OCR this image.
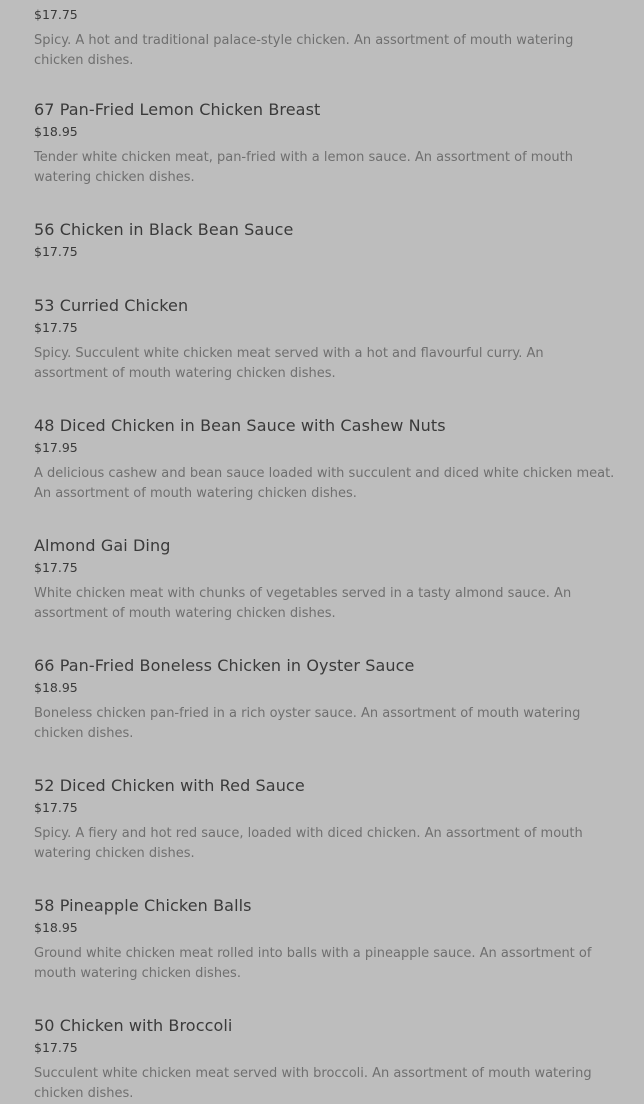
$17.75
Spicy. A hot and traditional palace-style chicken. An assortment of mouth watering chicken dishes.
67 Pan-Fried Lemon Chicken Breast
$18.95
Tender white chicken meat, pan-fried with a lemon sauce. An assortment of mouth watering chicken dishes.
56 Chicken in Black Bean Sauce
$17.75
53 Curried Chicken
$17.75
Spicy. Succulent white chicken meat served with a hot and flavourful curry. An assortment of mouth watering chicken dishes.
48 Diced Chicken in Bean Sauce with Cashew Nuts
$17.95
A delicious cashew and bean sauce loaded with succulent and diced white chicken meat. An assortment of mouth watering chicken dishes.
Almond Gai Ding
$17.75
White chicken meat with chunks of vegetables served in a tasty almond sauce. An assortment of mouth watering chicken dishes.
66 Pan-Fried Boneless Chicken in Oyster Sauce
$18.95
Boneless chicken pan-fried in a rich oyster sauce. An assortment of mouth watering chicken dishes.
52 Diced Chicken with Red Sauce
$17.75
Spicy. A fiery and hot red sauce, loaded with diced chicken. An assortment of mouth watering chicken dishes.
58 Pineapple Chicken Balls
$18.95
Ground white chicken meat rolled into balls with a pineapple sauce. An assortment of mouth watering chicken dishes.
50 Chicken with Broccoli
$17.75
Succulent white chicken meat served with broccoli. An assortment of mouth watering chicken dishes.
